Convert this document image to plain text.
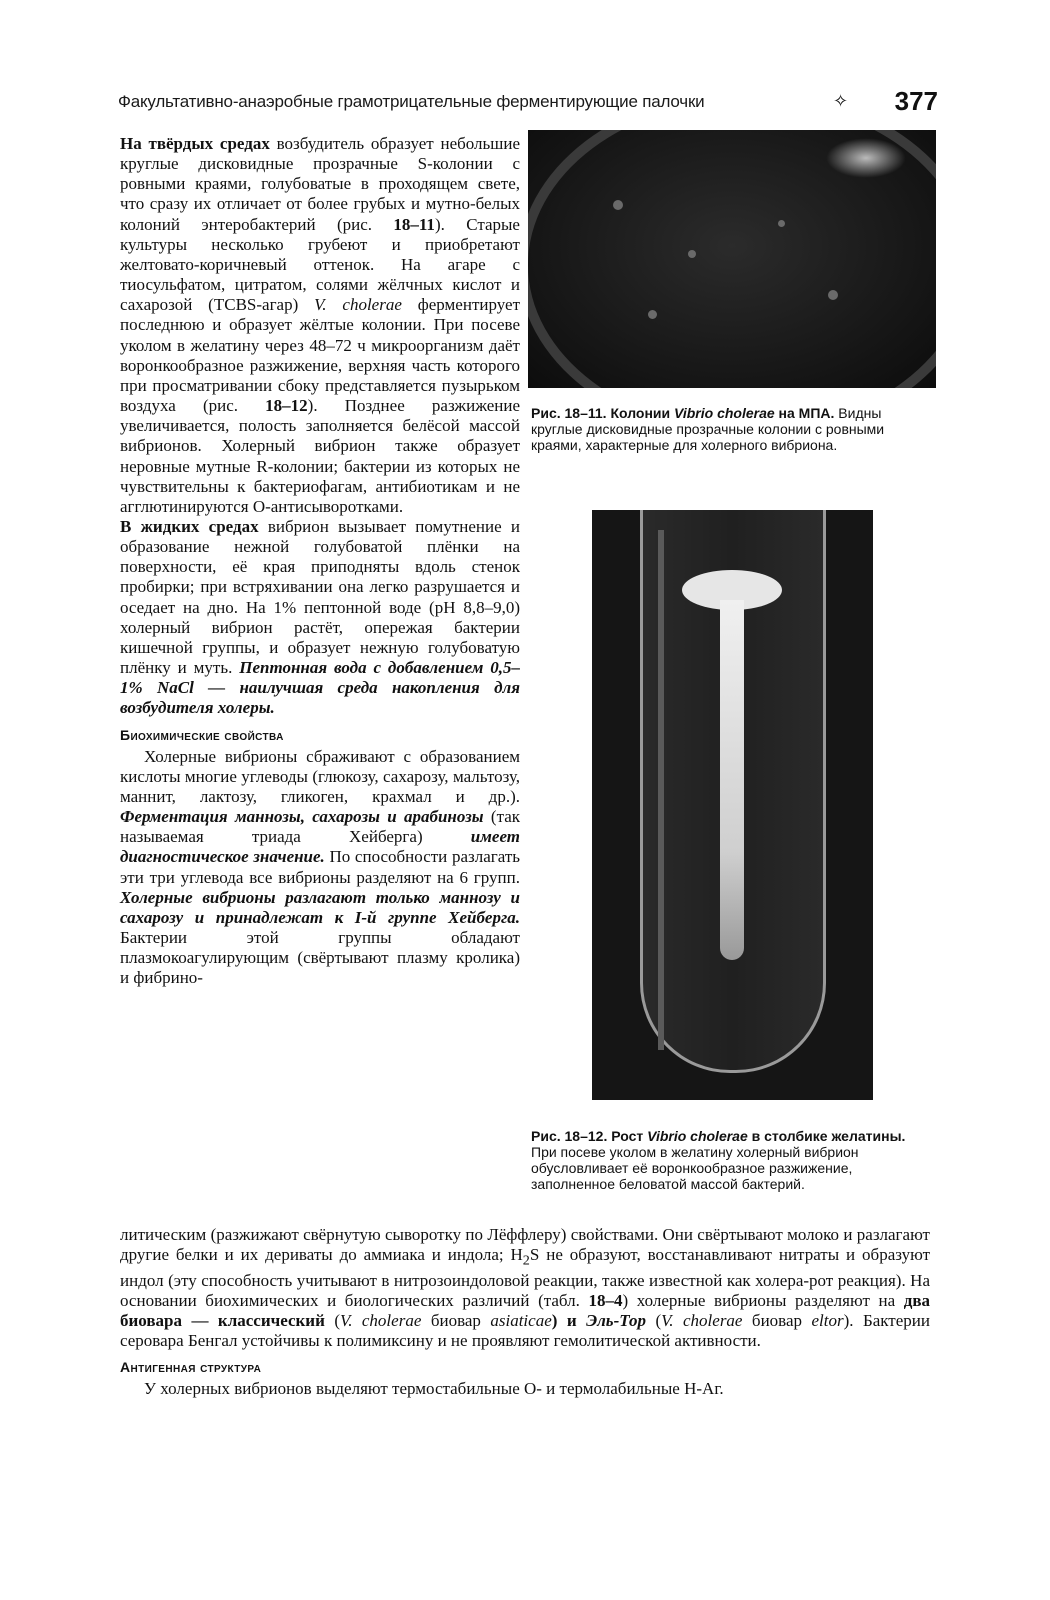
Факультативно-анаэробные грамотрицательные ферментирующие палочки	✧ 377
Рис. 18–11. Колонии Vibrio cholerae на МПА. Видны круглые дисковидные прозрачные колонии с ровными краями, характерные для холерного вибриона.
Рис. 18–12. Рост Vibrio cholerae в столбике желатины. При посеве уколом в желатину холерный вибрион обусловливает её воронкообразное разжижение, заполненное беловатой массой бактерий.

На твёрдых средах возбудитель образует небольшие круглые дисковидные прозрачные S-колонии с ровными краями, голубоватые в проходящем свете, что сразу их отличает от более грубых и мутно-белых колоний энтеробактерий (рис. 18–11). Старые культуры несколько грубеют и приобретают желтовато-коричневый оттенок. На агаре с тиосульфатом, цитратом, солями жёлчных кислот и сахарозой (TCBS-агар) V. cholerae ферментирует последнюю и образует жёлтые колонии. При посеве уколом в желатину через 48–72 ч микроорганизм даёт воронкообразное разжижение, верхняя часть которого при просматривании сбоку представляется пузырьком воздуха (рис. 18–12). Позднее разжижение увеличивается, полость заполняется белёсой массой вибрионов. Холерный вибрион также образует неровные мутные R-колонии; бактерии из которых не чувствительны к бактериофагам, антибиотикам и не агглютинируются О-антисыворотками.

В жидких средах вибрион вызывает помутнение и образование нежной голубоватой плёнки на поверхности, её края приподняты вдоль стенок пробирки; при встряхивании она легко разрушается и оседает на дно. На 1% пептонной воде (pH 8,8–9,0) холерный вибрион растёт, опережая бактерии кишечной группы, и образует нежную голубоватую плёнку и муть. Пептонная вода с добавлением 0,5–1% NaCl — наилучшая среда накопления для возбудителя холеры.

Биохимические свойства

Холерные вибрионы сбраживают с образованием кислоты многие углеводы (глюкозу, сахарозу, мальтозу, маннит, лактозу, гликоген, крахмал и др.). Ферментация маннозы, сахарозы и арабинозы (так называемая триада Хейберга) имеет диагностическое значение. По способности разлагать эти три углевода все вибрионы разделяют на 6 групп. Холерные вибрионы разлагают только маннозу и сахарозу и принадлежат к I-й группе Хейберга. Бактерии этой группы обладают плазмокоагулирующим (свёртывают плазму кролика) и фибрино-

литическим (разжижают свёрнутую сыворотку по Лёффлеру) свойствами. Они свёртывают молоко и разлагают другие белки и их дериваты до аммиака и индола; $H_2S$ не образуют, восстанавливают нитраты и образуют индол (эту способность учитывают в нитрозоиндоловой реакции, также известной как холера-рот реакция). На основании биохимических и биологических различий (табл. 18–4) холерные вибрионы разделяют на два биовара — классический (V. cholerae биовар asiaticae) и Эль-Тор (V. cholerae биовар eltor). Бактерии серовара Бенгал устойчивы к полимиксину и не проявляют гемолитической активности.

Антигенная структура

У холерных вибрионов выделяют термостабильные О- и термолабильные Н-Аг.
